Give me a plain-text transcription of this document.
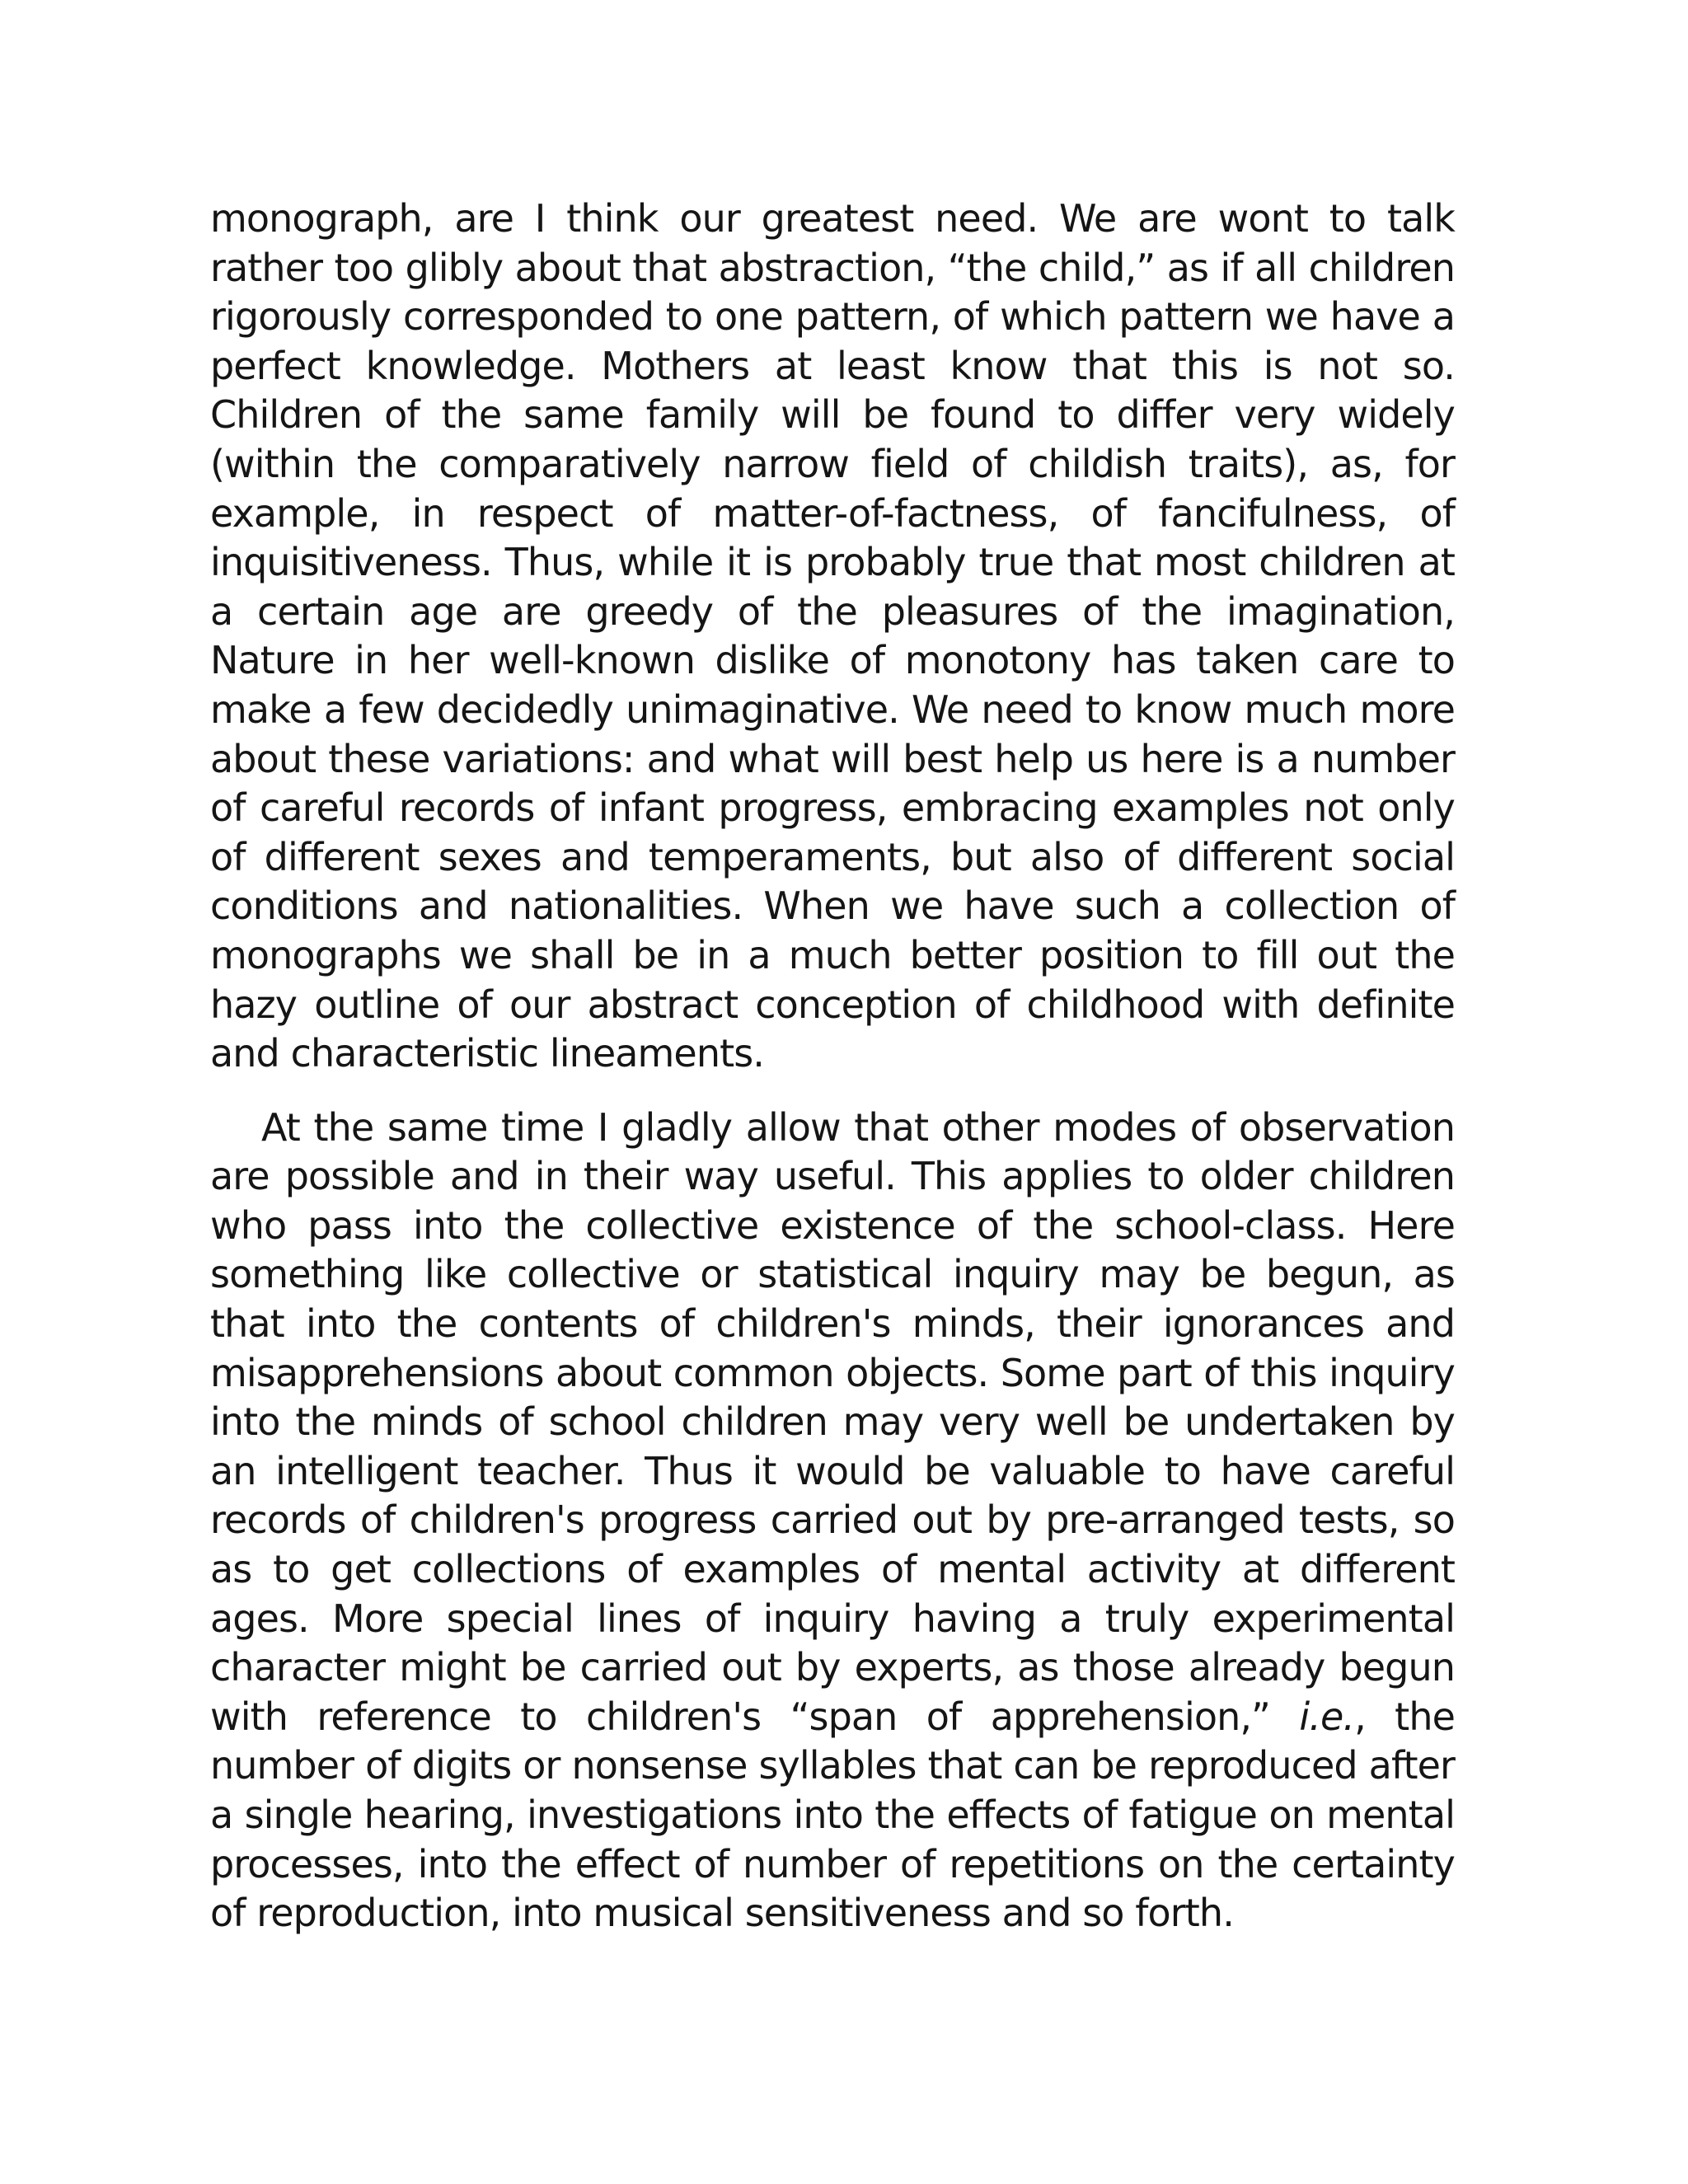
monograph, are I think our greatest need. We are wont to talk rather too glibly about that abstraction, “the child,” as if all children rigorously corresponded to one pattern, of which pattern we have a perfect knowledge. Mothers at least know that this is not so. Children of the same family will be found to differ very widely (within the comparatively narrow field of childish traits), as, for example, in respect of matter-of-factness, of fancifulness, of inquisitiveness. Thus, while it is probably true that most children at a certain age are greedy of the pleasures of the imagination, Nature in her well-known dislike of monotony has taken care to make a few decidedly unimaginative. We need to know much more about these variations: and what will best help us here is a number of careful records of infant progress, embracing examples not only of different sexes and temperaments, but also of different social conditions and nationalities. When we have such a collection of monographs we shall be in a much better position to fill out the hazy outline of our abstract conception of childhood with definite and characteristic lineaments.

At the same time I gladly allow that other modes of observation are possible and in their way useful. This applies to older children who pass into the collective existence of the school-class. Here something like collective or statistical inquiry may be begun, as that into the contents of children's minds, their ignorances and misapprehensions about common objects. Some part of this inquiry into the minds of school children may very well be undertaken by an intelligent teacher. Thus it would be valuable to have careful records of children's progress carried out by pre-arranged tests, so as to get collections of examples of mental activity at different ages. More special lines of inquiry having a truly experimental character might be carried out by experts, as those already begun with reference to children's “span of apprehension,” i.e., the number of digits or nonsense syllables that can be reproduced after a single hearing, investigations into the effects of fatigue on mental processes, into the effect of number of repetitions on the certainty of reproduction, into musical sensitiveness and so forth.
